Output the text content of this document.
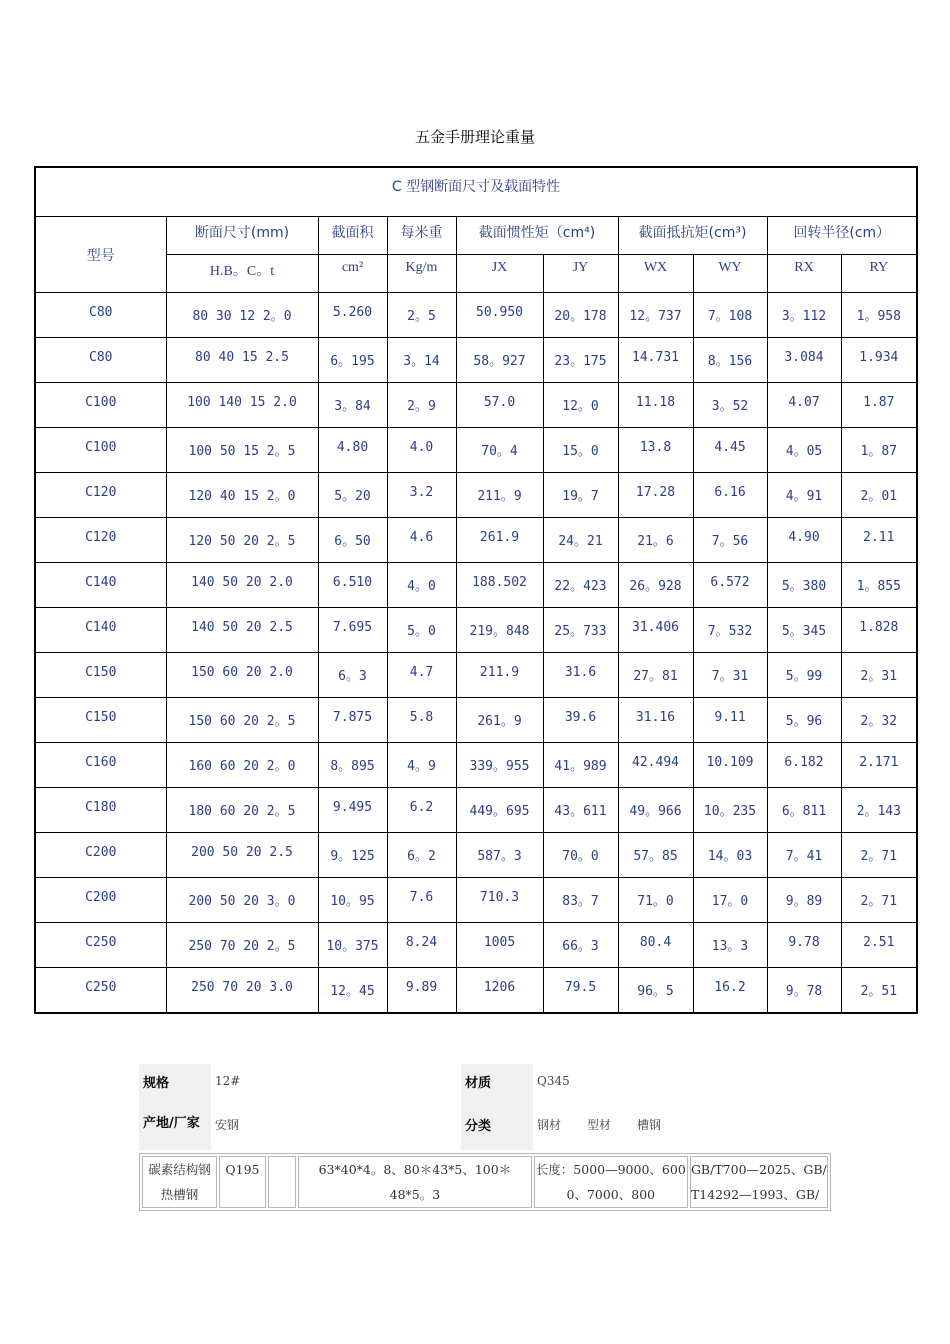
五金手册理论重量
C 型钢断面尺寸及载面特性									
型号	断面尺寸(mm)	截面积	每米重	截面惯性矩（cm⁴)		截面抵抗矩(cm³)		回转半径(cm）	
	H.B。C。t	cm²	Kg/m	JX	JY	WX	WY	RX	RY
C80	80 30 12 2。0	5.260	2。5	50.950	20。178	12。737	7。108	3。112	1。958
C80	80 40 15 2.5	6。195	3。14	58。927	23。175	14.731	8。156	3.084	1.934
C100	100 140 15 2.0	3。84	2。9	57.0	12。0	11.18	3。52	4.07	1.87
C100	100 50 15 2。5	4.80	4.0	70。4	15。0	13.8	4.45	4。05	1。87
C120	120 40 15 2。0	5。20	3.2	211。9	19。7	17.28	6.16	4。91	2。01
C120	120 50 20 2。5	6。50	4.6	261.9	24。21	21。6	7。56	4.90	2.11
C140	140 50 20 2.0	6.510	4。0	188.502	22。423	26。928	6.572	5。380	1。855
C140	140 50 20 2.5	7.695	5。0	219。848	25。733	31.406	7。532	5。345	1.828
C150	150 60 20 2.0	6。3	4.7	211.9	31.6	27。81	7。31	5。99	2。31
C150	150 60 20 2。5	7.875	5.8	261。9	39.6	31.16	9.11	5。96	2。32
C160	160 60 20 2。0	8。895	4。9	339。955	41。989	42.494	10.109	6.182	2.171
C180	180 60 20 2。5	9.495	6.2	449。695	43。611	49。966	10。235	6。811	2。143
C200	200 50 20 2.5	9。125	6。2	587。3	70。0	57。85	14。03	7。41	2。71
C200	200 50 20 3。0	10。95	7.6	710.3	83。7	71。0	17。0	9。89	2。71
C250	250 70 20 2。5	10。375	8.24	1005	66。3	80.4	13。3	9.78	2.51
C250	250 70 20 3.0	12。45	9.89	1206	79.5	96。5	16.2	9。78	2。51
规格	12#	材质	Q345
产地/厂家	安钢	分类	钢材 型材 槽钢
碳素结构钢热槽钢	Q195		63*40*4。8、80＊43*5、100＊48*5。3	长度：5000—9000、6000、7000、800	GB/T700—2025、GB/T14292—1993、GB/
